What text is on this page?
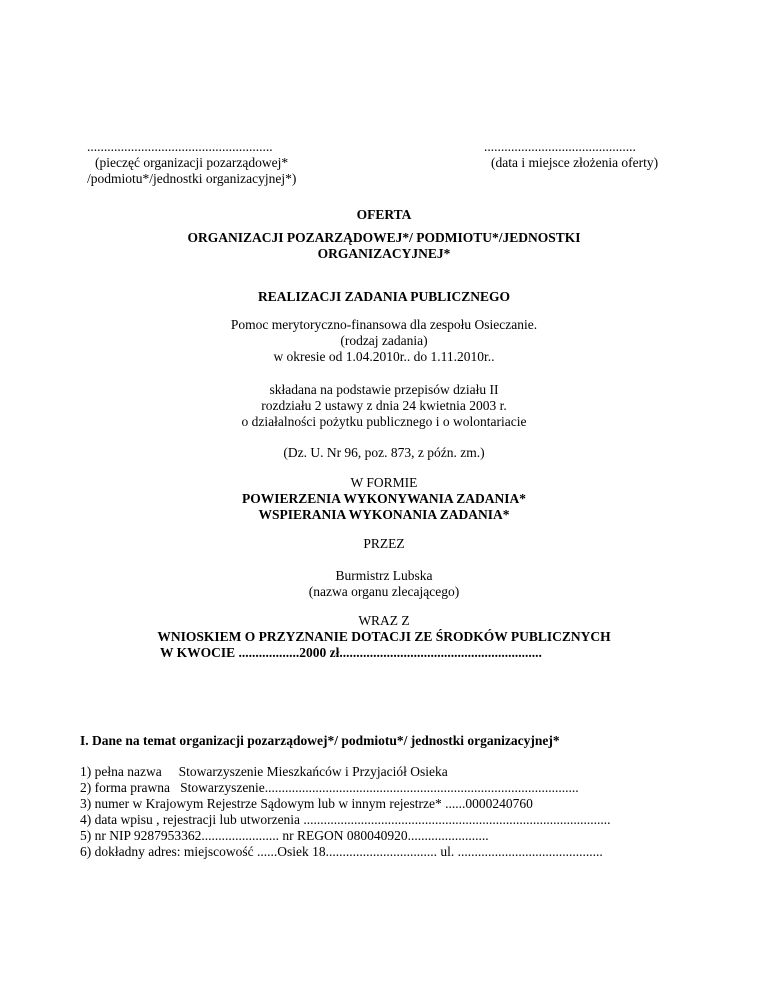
.......................................................
(pieczęć organizacji pozarządowej*
/podmiotu*/jednostki organizacyjnej*)
.............................................
(data i miejsce złożenia oferty)
OFERTA
ORGANIZACJI POZARZĄDOWEJ*/ PODMIOTU*/JEDNOSTKI
ORGANIZACYJNEJ*
REALIZACJI ZADANIA PUBLICZNEGO
Pomoc merytoryczno-finansowa dla zespołu Osieczanie.
(rodzaj zadania)
w okresie od 1.04.2010r.. do 1.11.2010r..
składana na podstawie przepisów działu II
rozdziału 2 ustawy z dnia 24 kwietnia 2003 r.
o działalności pożytku publicznego i o wolontariacie
(Dz. U. Nr 96, poz. 873, z późn. zm.)
W FORMIE
POWIERZENIA WYKONYWANIA ZADANIA*
WSPIERANIA WYKONANIA ZADANIA*
PRZEZ
Burmistrz Lubska
(nazwa organu zlecającego)
WRAZ Z
WNIOSKIEM O PRZYZNANIE DOTACJI ZE ŚRODKÓW PUBLICZNYCH
W KWOCIE ..................2000 zł............................................................
I. Dane na temat organizacji pozarządowej*/ podmiotu*/ jednostki organizacyjnej*
1) pełna nazwa     Stowarzyszenie Mieszkańców i Przyjaciół Osieka
2) forma prawna   Stowarzyszenie.............................................................................................
3) numer w Krajowym Rejestrze Sądowym lub w innym rejestrze* ......0000240760
4) data wpisu , rejestracji lub utworzenia ...........................................................................................
5) nr NIP 9287953362....................... nr REGON 080040920........................
6) dokładny adres: miejscowość ......Osiek 18................................. ul. ...........................................
